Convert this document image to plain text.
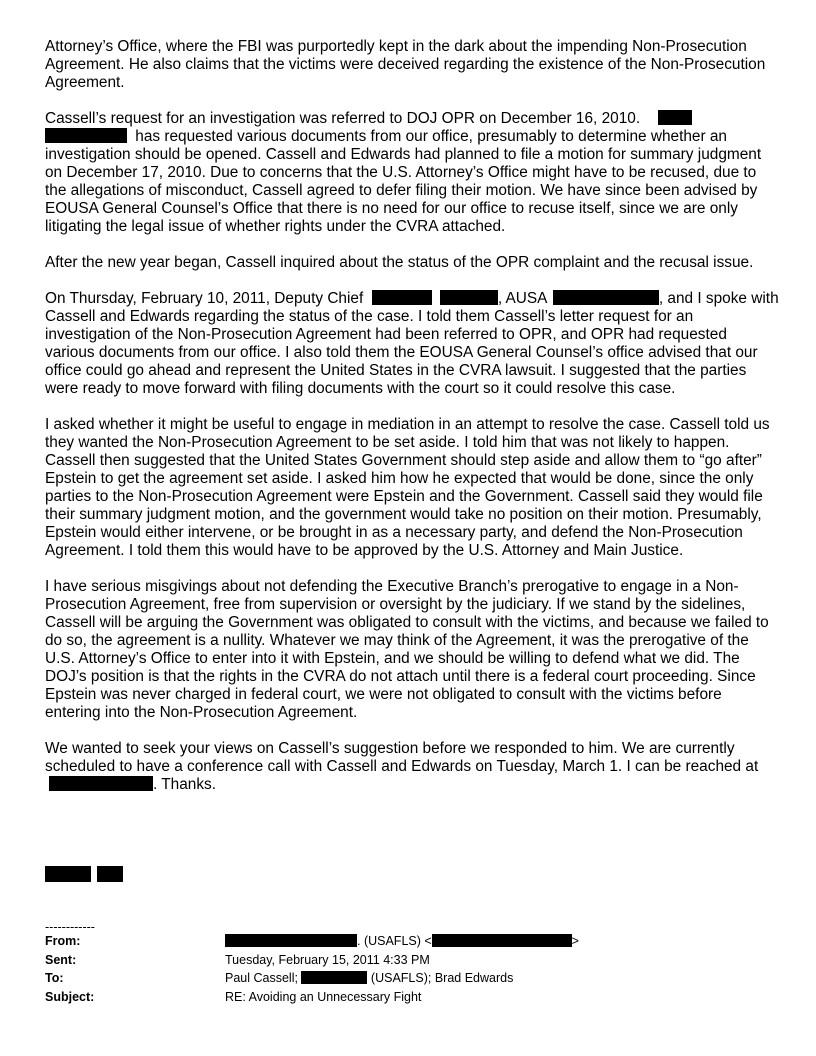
Attorney’s Office, where the FBI was purportedly kept in the dark about the impending Non-Prosecution Agreement. He also claims that the victims were deceived regarding the existence of the Non-Prosecution Agreement.

Cassell’s request for an investigation was referred to DOJ OPR on December 16, 2010.
has requested various documents from our office, presumably to determine whether an investigation should be opened. Cassell and Edwards had planned to file a motion for summary judgment on December 17, 2010. Due to concerns that the U.S. Attorney’s Office might have to be recused, due to the allegations of misconduct, Cassell agreed to defer filing their motion. We have since been advised by EOUSA General Counsel’s Office that there is no need for our office to recuse itself, since we are only litigating the legal issue of whether rights under the CVRA attached.

After the new year began, Cassell inquired about the status of the OPR complaint and the recusal issue.

On Thursday, February 10, 2011, Deputy Chief	, AUSA	, and I spoke with Cassell and Edwards regarding the status of the case. I told them Cassell’s letter request for an investigation of the Non-Prosecution Agreement had been referred to OPR, and OPR had requested various documents from our office. I also told them the EOUSA General Counsel’s office advised that our office could go ahead and represent the United States in the CVRA lawsuit. I suggested that the parties were ready to move forward with filing documents with the court so it could resolve this case.

I asked whether it might be useful to engage in mediation in an attempt to resolve the case. Cassell told us they wanted the Non-Prosecution Agreement to be set aside. I told him that was not likely to happen. Cassell then suggested that the United States Government should step aside and allow them to “go after” Epstein to get the agreement set aside. I asked him how he expected that would be done, since the only parties to the Non-Prosecution Agreement were Epstein and the Government. Cassell said they would file their summary judgment motion, and the government would take no position on their motion. Presumably, Epstein would either intervene, or be brought in as a necessary party, and defend the Non-Prosecution Agreement. I told them this would have to be approved by the U.S. Attorney and Main Justice.

I have serious misgivings about not defending the Executive Branch’s prerogative to engage in a Non-Prosecution Agreement, free from supervision or oversight by the judiciary. If we stand by the sidelines, Cassell will be arguing the Government was obligated to consult with the victims, and because we failed to do so, the agreement is a nullity. Whatever we may think of the Agreement, it was the prerogative of the U.S. Attorney’s Office to enter into it with Epstein, and we should be willing to defend what we did. The DOJ’s position is that the rights in the CVRA do not attach until there is a federal court proceeding. Since Epstein was never charged in federal court, we were not obligated to consult with the victims before entering into the Non-Prosecution Agreement.

We wanted to seek your views on Cassell’s suggestion before we responded to him. We are currently scheduled to have a conference call with Cassell and Edwards on Tuesday, March 1. I can be reached at . Thanks.

------------
From:	. (USAFLS) <	>
Sent:	Tuesday, February 15, 2011 4:33 PM
To:	Paul Cassell;	(USAFLS); Brad Edwards
Subject:	RE: Avoiding an Unnecessary Fight
